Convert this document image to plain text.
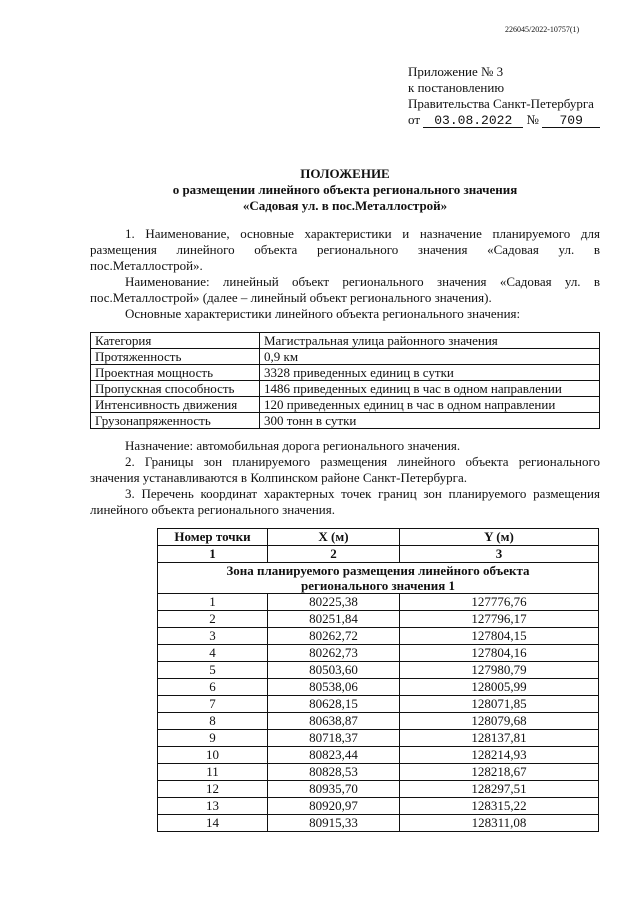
226045/2022-10757(1)
Приложение № 3
к постановлению
Правительства Санкт-Петербурга
от 03.08.2022 № 709
ПОЛОЖЕНИЕ
о размещении линейного объекта регионального значения
«Садовая ул. в пос.Металлострой»
1. Наименование, основные характеристики и назначение планируемого для размещения линейного объекта регионального значения «Садовая ул. в пос.Металлострой».
Наименование: линейный объект регионального значения «Садовая ул. в пос.Металлострой» (далее – линейный объект регионального значения).
Основные характеристики линейного объекта регионального значения:
Категория	Магистральная улица районного значения
Протяженность	0,9 км
Проектная мощность	3328 приведенных единиц в сутки
Пропускная способность	1486 приведенных единиц в час в одном направлении
Интенсивность движения	120 приведенных единиц в час в одном направлении
Грузонапряженность	300 тонн в сутки
Назначение: автомобильная дорога регионального значения.
2. Границы зон планируемого размещения линейного объекта регионального значения устанавливаются в Колпинском районе Санкт-Петербурга.
3. Перечень координат характерных точек границ зон планируемого размещения линейного объекта регионального значения.
Номер точки	X (м)	Y (м)
1	2	3
Зона планируемого размещения линейного объекта регионального значения 1		
1	80225,38	127776,76
2	80251,84	127796,17
3	80262,72	127804,15
4	80262,73	127804,16
5	80503,60	127980,79
6	80538,06	128005,99
7	80628,15	128071,85
8	80638,87	128079,68
9	80718,37	128137,81
10	80823,44	128214,93
11	80828,53	128218,67
12	80935,70	128297,51
13	80920,97	128315,22
14	80915,33	128311,08
